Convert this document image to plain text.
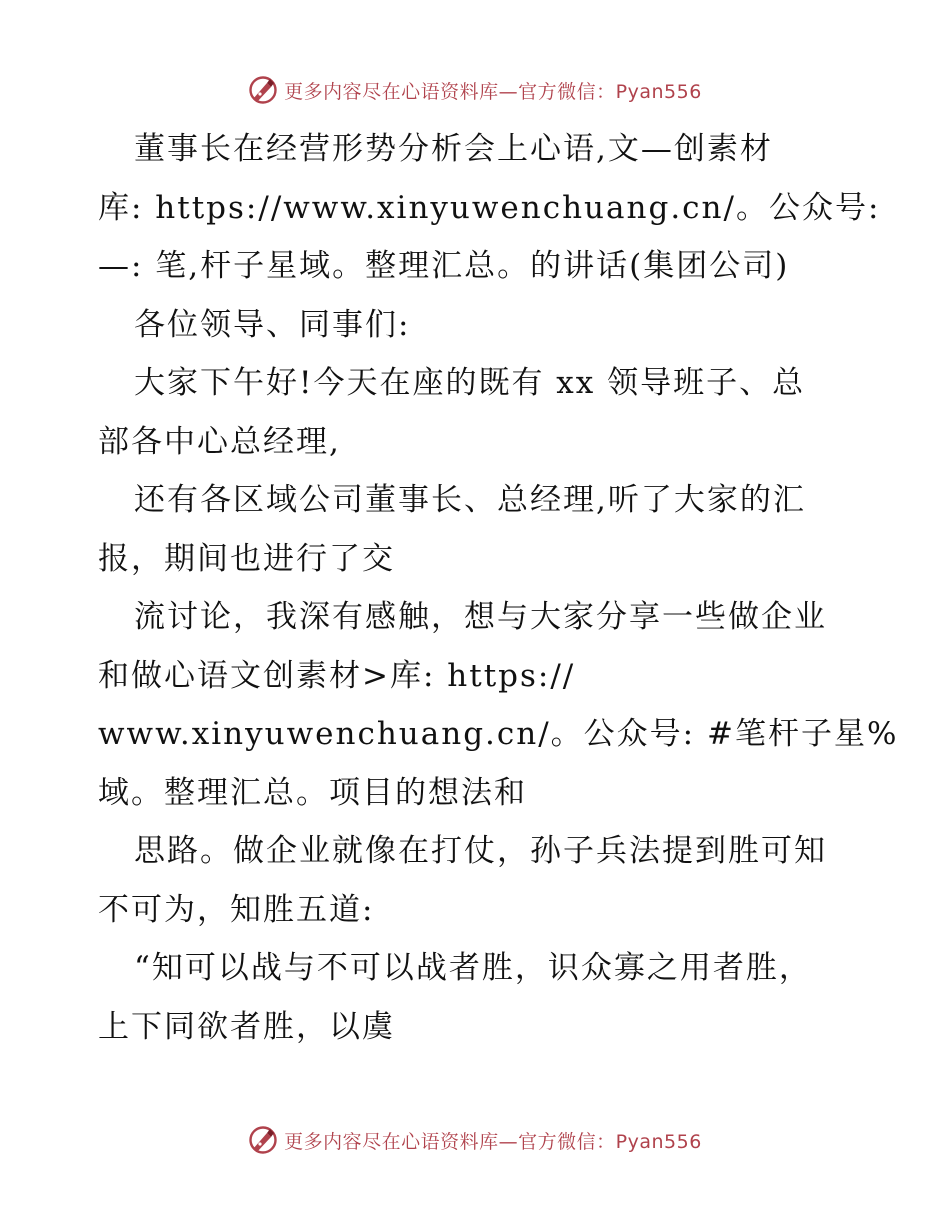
更多内容尽在心语资料库—官方微信：Pyan556
董事长在经营形势分析会上心语,文—创素材
库: https://www.xinyuwenchuang.cn/。公众号:
—: 笔,杆子星域。整理汇总。的讲话(集团公司)
各位领导、同事们:
大家下午好!今天在座的既有 xx 领导班子、总
部各中心总经理,
还有各区域公司董事长、总经理,听了大家的汇
报，期间也进行了交
流讨论，我深有感触，想与大家分享一些做企业
和做心语文创素材>库: https://
www.xinyuwenchuang.cn/。公众号: #笔杆子星%
域。整理汇总。项目的想法和
思路。做企业就像在打仗，孙子兵法提到胜可知
不可为，知胜五道:
“知可以战与不可以战者胜，识众寡之用者胜，
上下同欲者胜，以虞
更多内容尽在心语资料库—官方微信：Pyan556
